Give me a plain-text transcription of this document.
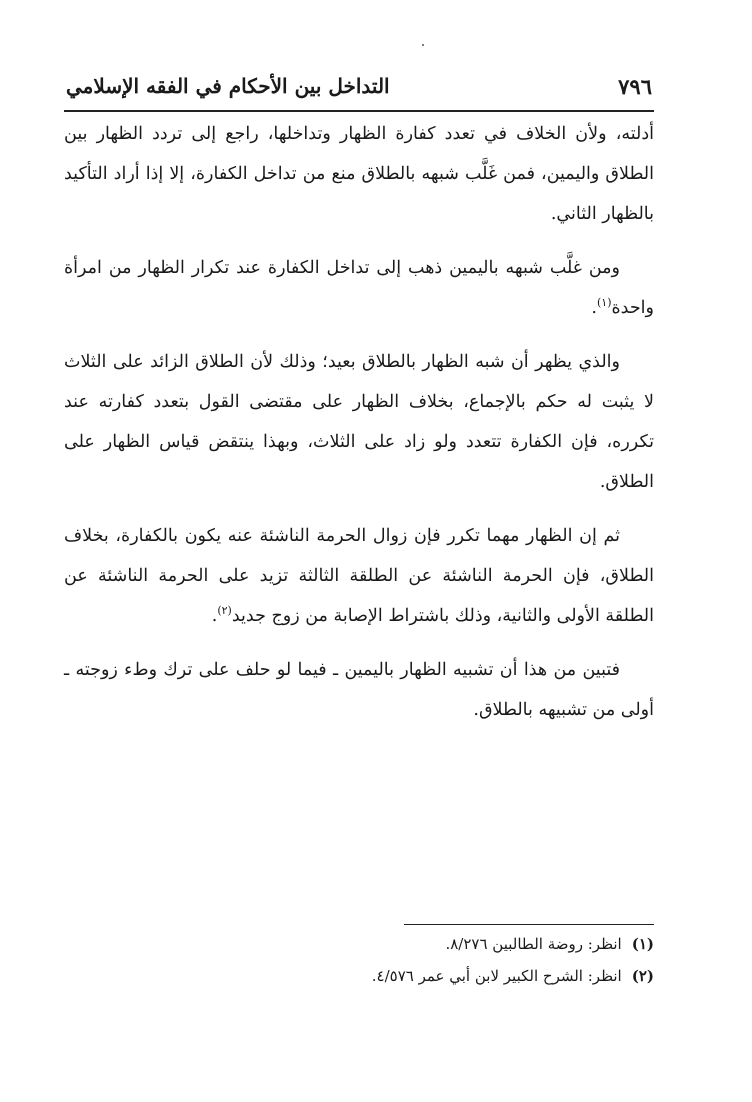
٧٩٦
التداخل بين الأحكام في الفقه الإسلامي

أدلته، ولأن الخلاف في تعدد كفارة الظهار وتداخلها، راجع إلى تردد الظهار بين الطلاق واليمين، فمن غَلَّب شبهه بالطلاق منع من تداخل الكفارة، إلا إذا أراد التأكيد بالظهار الثاني.

ومن غلَّب شبهه باليمين ذهب إلى تداخل الكفارة عند تكرار الظهار من امرأة واحدة$^{(١)}$.

والذي يظهر أن شبه الظهار بالطلاق بعيد؛ وذلك لأن الطلاق الزائد على الثلاث لا يثبت له حكم بالإجماع، بخلاف الظهار على مقتضى القول بتعدد كفارته عند تكرره، فإن الكفارة تتعدد ولو زاد على الثلاث، وبهذا ينتقض قياس الظهار على الطلاق.

ثم إن الظهار مهما تكرر فإن زوال الحرمة الناشئة عنه يكون بالكفارة، بخلاف الطلاق، فإن الحرمة الناشئة عن الطلقة الثالثة تزيد على الحرمة الناشئة عن الطلقة الأولى والثانية، وذلك باشتراط الإصابة من زوج جديد$^{(٢)}$.

فتبين من هذا أن تشبيه الظهار باليمين ـ فيما لو حلف على ترك وطء زوجته ـ أولى من تشبيهه بالطلاق.

(١)
انظر: روضة الطالبين ٨/٢٧٦.
(٢)
انظر: الشرح الكبير لابن أبي عمر ٤/٥٧٦.
